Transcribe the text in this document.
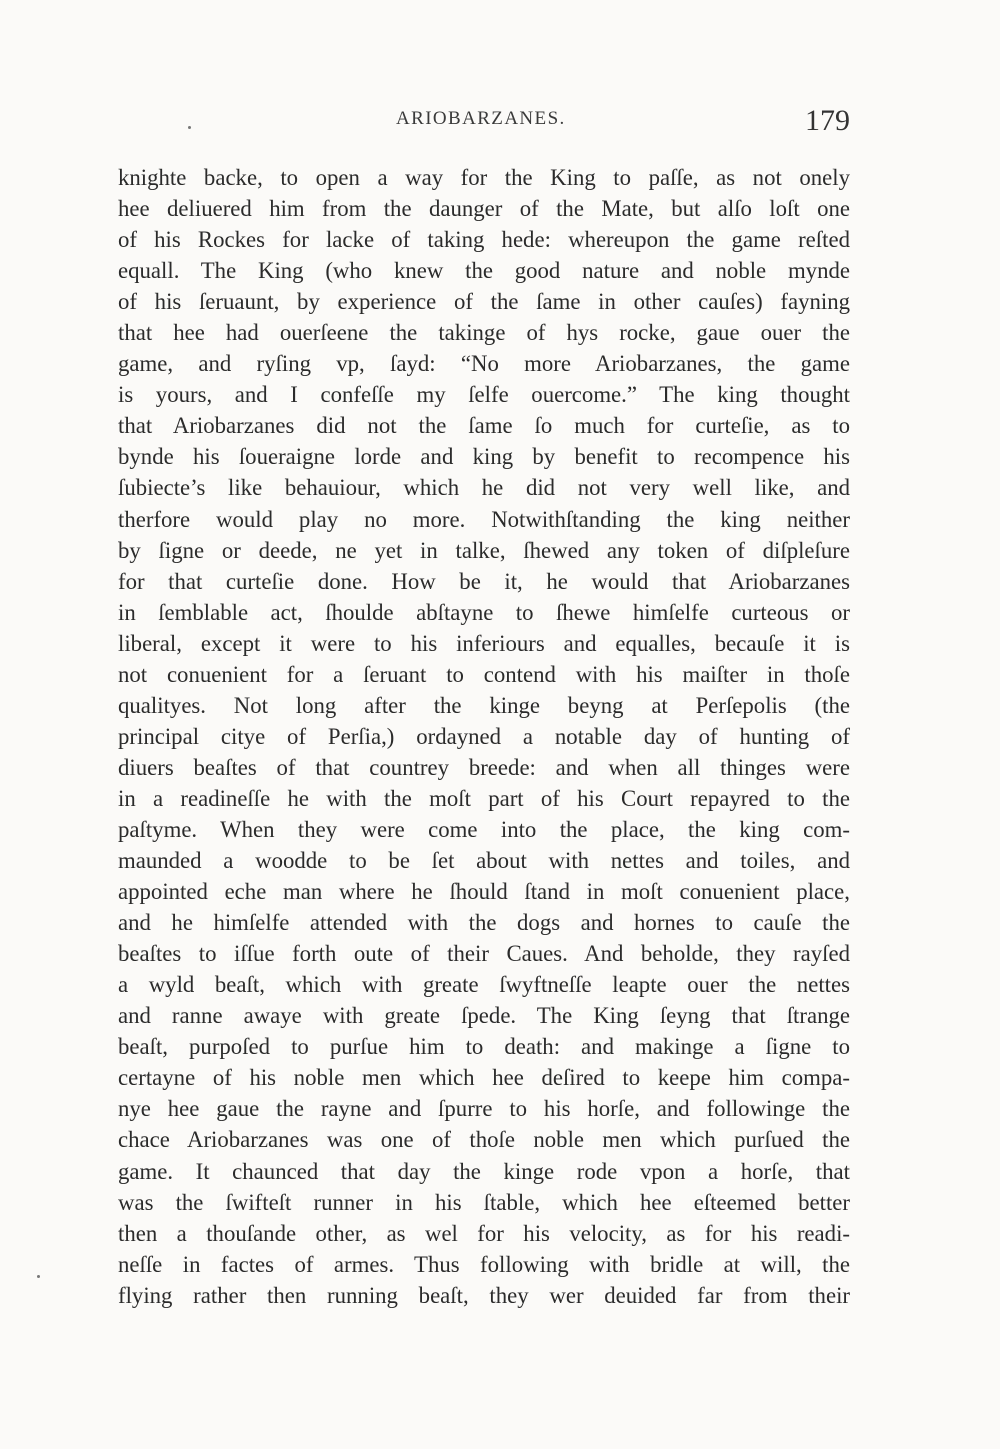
ARIOBARZANES.	179
knighte backe, to open a way for the King to paſſe, as not onely
hee deliuered him from the daunger of the Mate, but alſo loſt one
of his Rockes for lacke of taking hede: whereupon the game reſted
equall. The King (who knew the good nature and noble mynde
of his ſeruaunt, by experience of the ſame in other cauſes) fayning
that hee had ouerſeene the takinge of hys rocke, gaue ouer the
game, and ryſing vp, ſayd: “No more Ariobarzanes, the game
is yours, and I confeſſe my ſelfe ouercome.” The king thought
that Ariobarzanes did not the ſame ſo much for curteſie, as to
bynde his ſoueraigne lorde and king by benefit to recompence his
ſubiecte’s like behauiour, which he did not very well like, and
therfore would play no more. Notwithſtanding the king neither
by ſigne or deede, ne yet in talke, ſhewed any token of diſpleſure
for that curteſie done. How be it, he would that Ariobarzanes
in ſemblable act, ſhoulde abſtayne to ſhewe himſelfe curteous or
liberal, except it were to his inferiours and equalles, becauſe it is
not conuenient for a ſeruant to contend with his maiſter in thoſe
qualityes. Not long after the kinge beyng at Perſepolis (the
principal citye of Perſia,) ordayned a notable day of hunting of
diuers beaſtes of that countrey breede: and when all thinges were
in a readineſſe he with the moſt part of his Court repayred to the
paſtyme. When they were come into the place, the king com-
maunded a woodde to be ſet about with nettes and toiles, and
appointed eche man where he ſhould ſtand in moſt conuenient place,
and he himſelfe attended with the dogs and hornes to cauſe the
beaſtes to iſſue forth oute of their Caues. And beholde, they rayſed
a wyld beaſt, which with greate ſwyftneſſe leapte ouer the nettes
and ranne awaye with greate ſpede. The King ſeyng that ſtrange
beaſt, purpoſed to purſue him to death: and makinge a ſigne to
certayne of his noble men which hee deſired to keepe him compa-
nye hee gaue the rayne and ſpurre to his horſe, and followinge the
chace Ariobarzanes was one of thoſe noble men which purſued the
game. It chaunced that day the kinge rode vpon a horſe, that
was the ſwifteſt runner in his ſtable, which hee eſteemed better
then a thouſande other, as wel for his velocity, as for his readi-
neſſe in factes of armes. Thus following with bridle at will, the
flying rather then running beaſt, they wer deuided far from their
